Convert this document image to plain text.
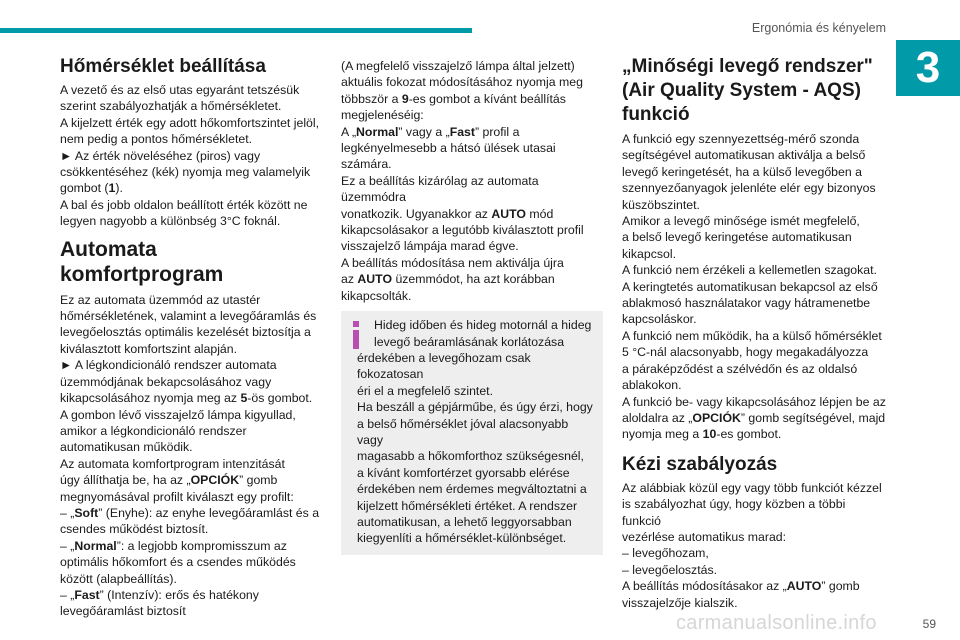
Ergonómia és kényelem
3
Hőmérséklet beállítása

A vezető és az első utas egyaránt tetszésük
szerint szabályozhatják a hőmérsékletet.
A kijelzett érték egy adott hőkomfortszintet jelöl,
nem pedig a pontos hőmérsékletet.
► Az érték növeléséhez (piros) vagy
csökkentéséhez (kék) nyomja meg valamelyik
gombot (1).
A bal és jobb oldalon beállított érték között ne
legyen nagyobb a különbség 3°C foknál.

Automata komfortprogram

Ez az automata üzemmód az utastér
hőmérsékletének, valamint a levegőáramlás és
levegőelosztás optimális kezelését biztosítja a
kiválasztott komfortszint alapján.
► A légkondicionáló rendszer automata
üzemmódjának bekapcsolásához vagy
kikapcsolásához nyomja meg az 5-ös gombot.
A gombon lévő visszajelző lámpa kigyullad,
amikor a légkondicionáló rendszer
automatikusan működik.
Az automata komfortprogram intenzitását
úgy állíthatja be, ha az „OPCIÓK” gomb
megnyomásával profilt kiválaszt egy profilt:
– „Soft” (Enyhe): az enyhe levegőáramlást és a
csendes működést biztosít.
– „Normal”: a legjobb kompromisszum az
optimális hőkomfort és a csendes működés
között (alapbeállítás).
– „Fast” (Intenzív): erős és hatékony
levegőáramlást biztosít

(A megfelelő visszajelző lámpa által jelzett)
aktuális fokozat módosításához nyomja meg
többször a 9-es gombot a kívánt beállítás
megjelenéséig:
A „Normal” vagy a „Fast” profil a
legkényelmesebb a hátsó ülések utasai
számára.
Ez a beállítás kizárólag az automata üzemmódra
vonatkozik. Ugyanakkor az AUTO mód
kikapcsolásakor a legutóbb kiválasztott profil
visszajelző lámpája marad égve.
A beállítás módosítása nem aktiválja újra
az AUTO üzemmódot, ha azt korábban
kikapcsolták.

Hideg időben és hideg motornál a hideg
levegő beáramlásának korlátozása
érdekében a levegőhozam csak fokozatosan
éri el a megfelelő szintet.
Ha beszáll a gépjárműbe, és úgy érzi, hogy
a belső hőmérséklet jóval alacsonyabb vagy
magasabb a hőkomforthoz szükségesnél,
a kívánt komfortérzet gyorsabb elérése
érdekében nem érdemes megváltoztatni a
kijelzett hőmérsékleti értéket. A rendszer
automatikusan, a lehető leggyorsabban
kiegyenlíti a hőmérséklet-különbséget.

„Minőségi levegő rendszer"
(Air Quality System - AQS)
funkció

A funkció egy szennyezettség-mérő szonda
segítségével automatikusan aktiválja a belső
levegő keringetését, ha a külső levegőben a
szennyezőanyagok jelenléte elér egy bizonyos
küszöbszintet.
Amikor a levegő minősége ismét megfelelő,
a belső levegő keringetése automatikusan
kikapcsol.
A funkció nem érzékeli a kellemetlen szagokat.
A keringtetés automatikusan bekapcsol az első
ablakmosó használatakor vagy hátramenetbe
kapcsoláskor.
A funkció nem működik, ha a külső hőmérséklet
5 °C-nál alacsonyabb, hogy megakadályozza
a páraképződést a szélvédőn és az oldalsó
ablakokon.
A funkció be- vagy kikapcsolásához lépjen be az
aloldalra az „OPCIÓK” gomb segítségével, majd
nyomja meg a 10-es gombot.

Kézi szabályozás

Az alábbiak közül egy vagy több funkciót kézzel
is szabályozhat úgy, hogy közben a többi funkció
vezérlése automatikus marad:
– levegőhozam,
– levegőelosztás.
A beállítás módosításakor az „AUTO” gomb
visszajelzője kialszik.

carmanualsonline.info	59
